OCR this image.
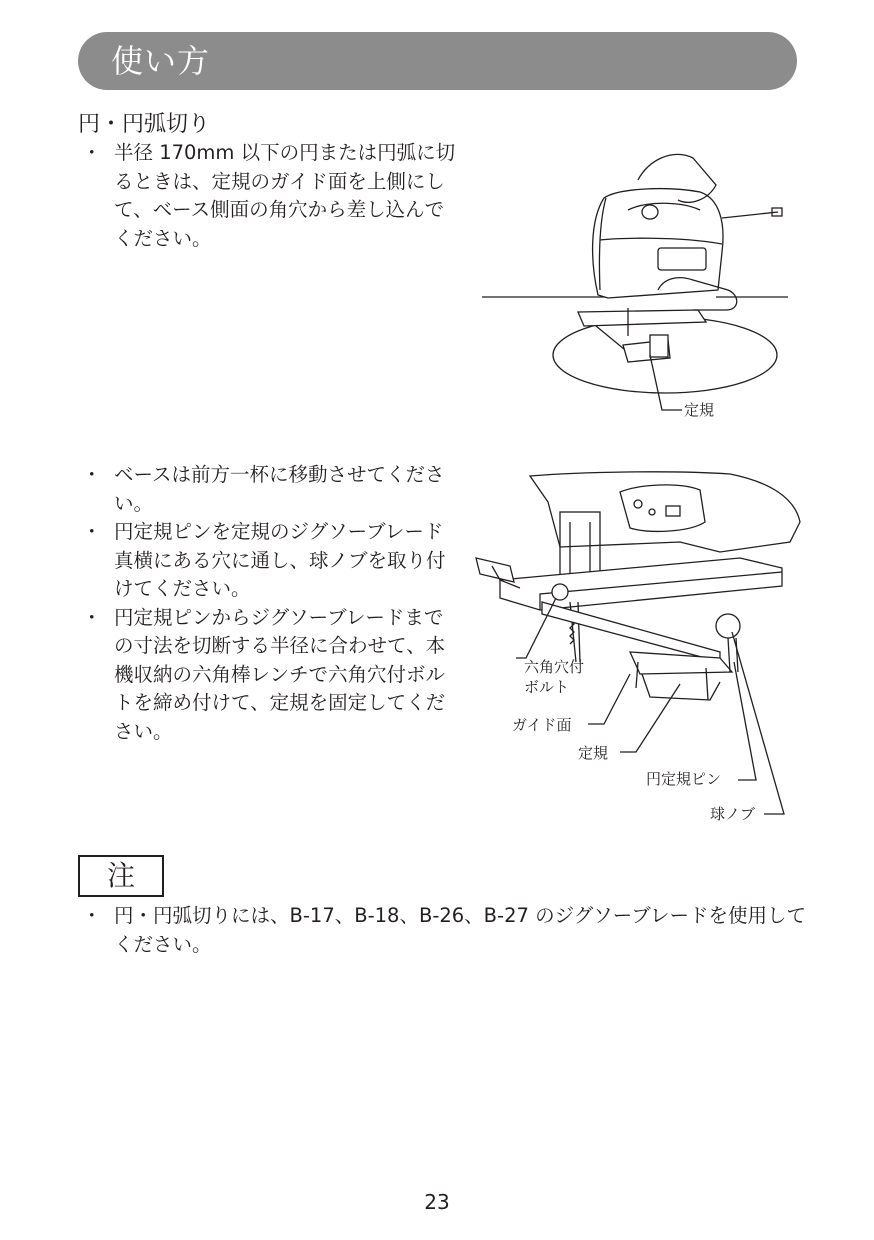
使い方
円・円弧切り
・ 半径 170mm 以下の円または円弧に切るときは、定規のガイド面を上側にして、ベース側面の角穴から差し込んでください。
定規
・ ベースは前方一杯に移動させてください。
・ 円定規ピンを定規のジグソーブレード真横にある穴に通し、球ノブを取り付けてください。
・ 円定規ピンからジグソーブレードまでの寸法を切断する半径に合わせて、本機収納の六角棒レンチで六角穴付ボルトを締め付けて、定規を固定してください。
六角穴付
ボルト
ガイド面
定規
円定規ピン
球ノブ
注
・ 円・円弧切りには、B-17、B-18、B-26、B-27 のジグソーブレードを使用してください。
23
